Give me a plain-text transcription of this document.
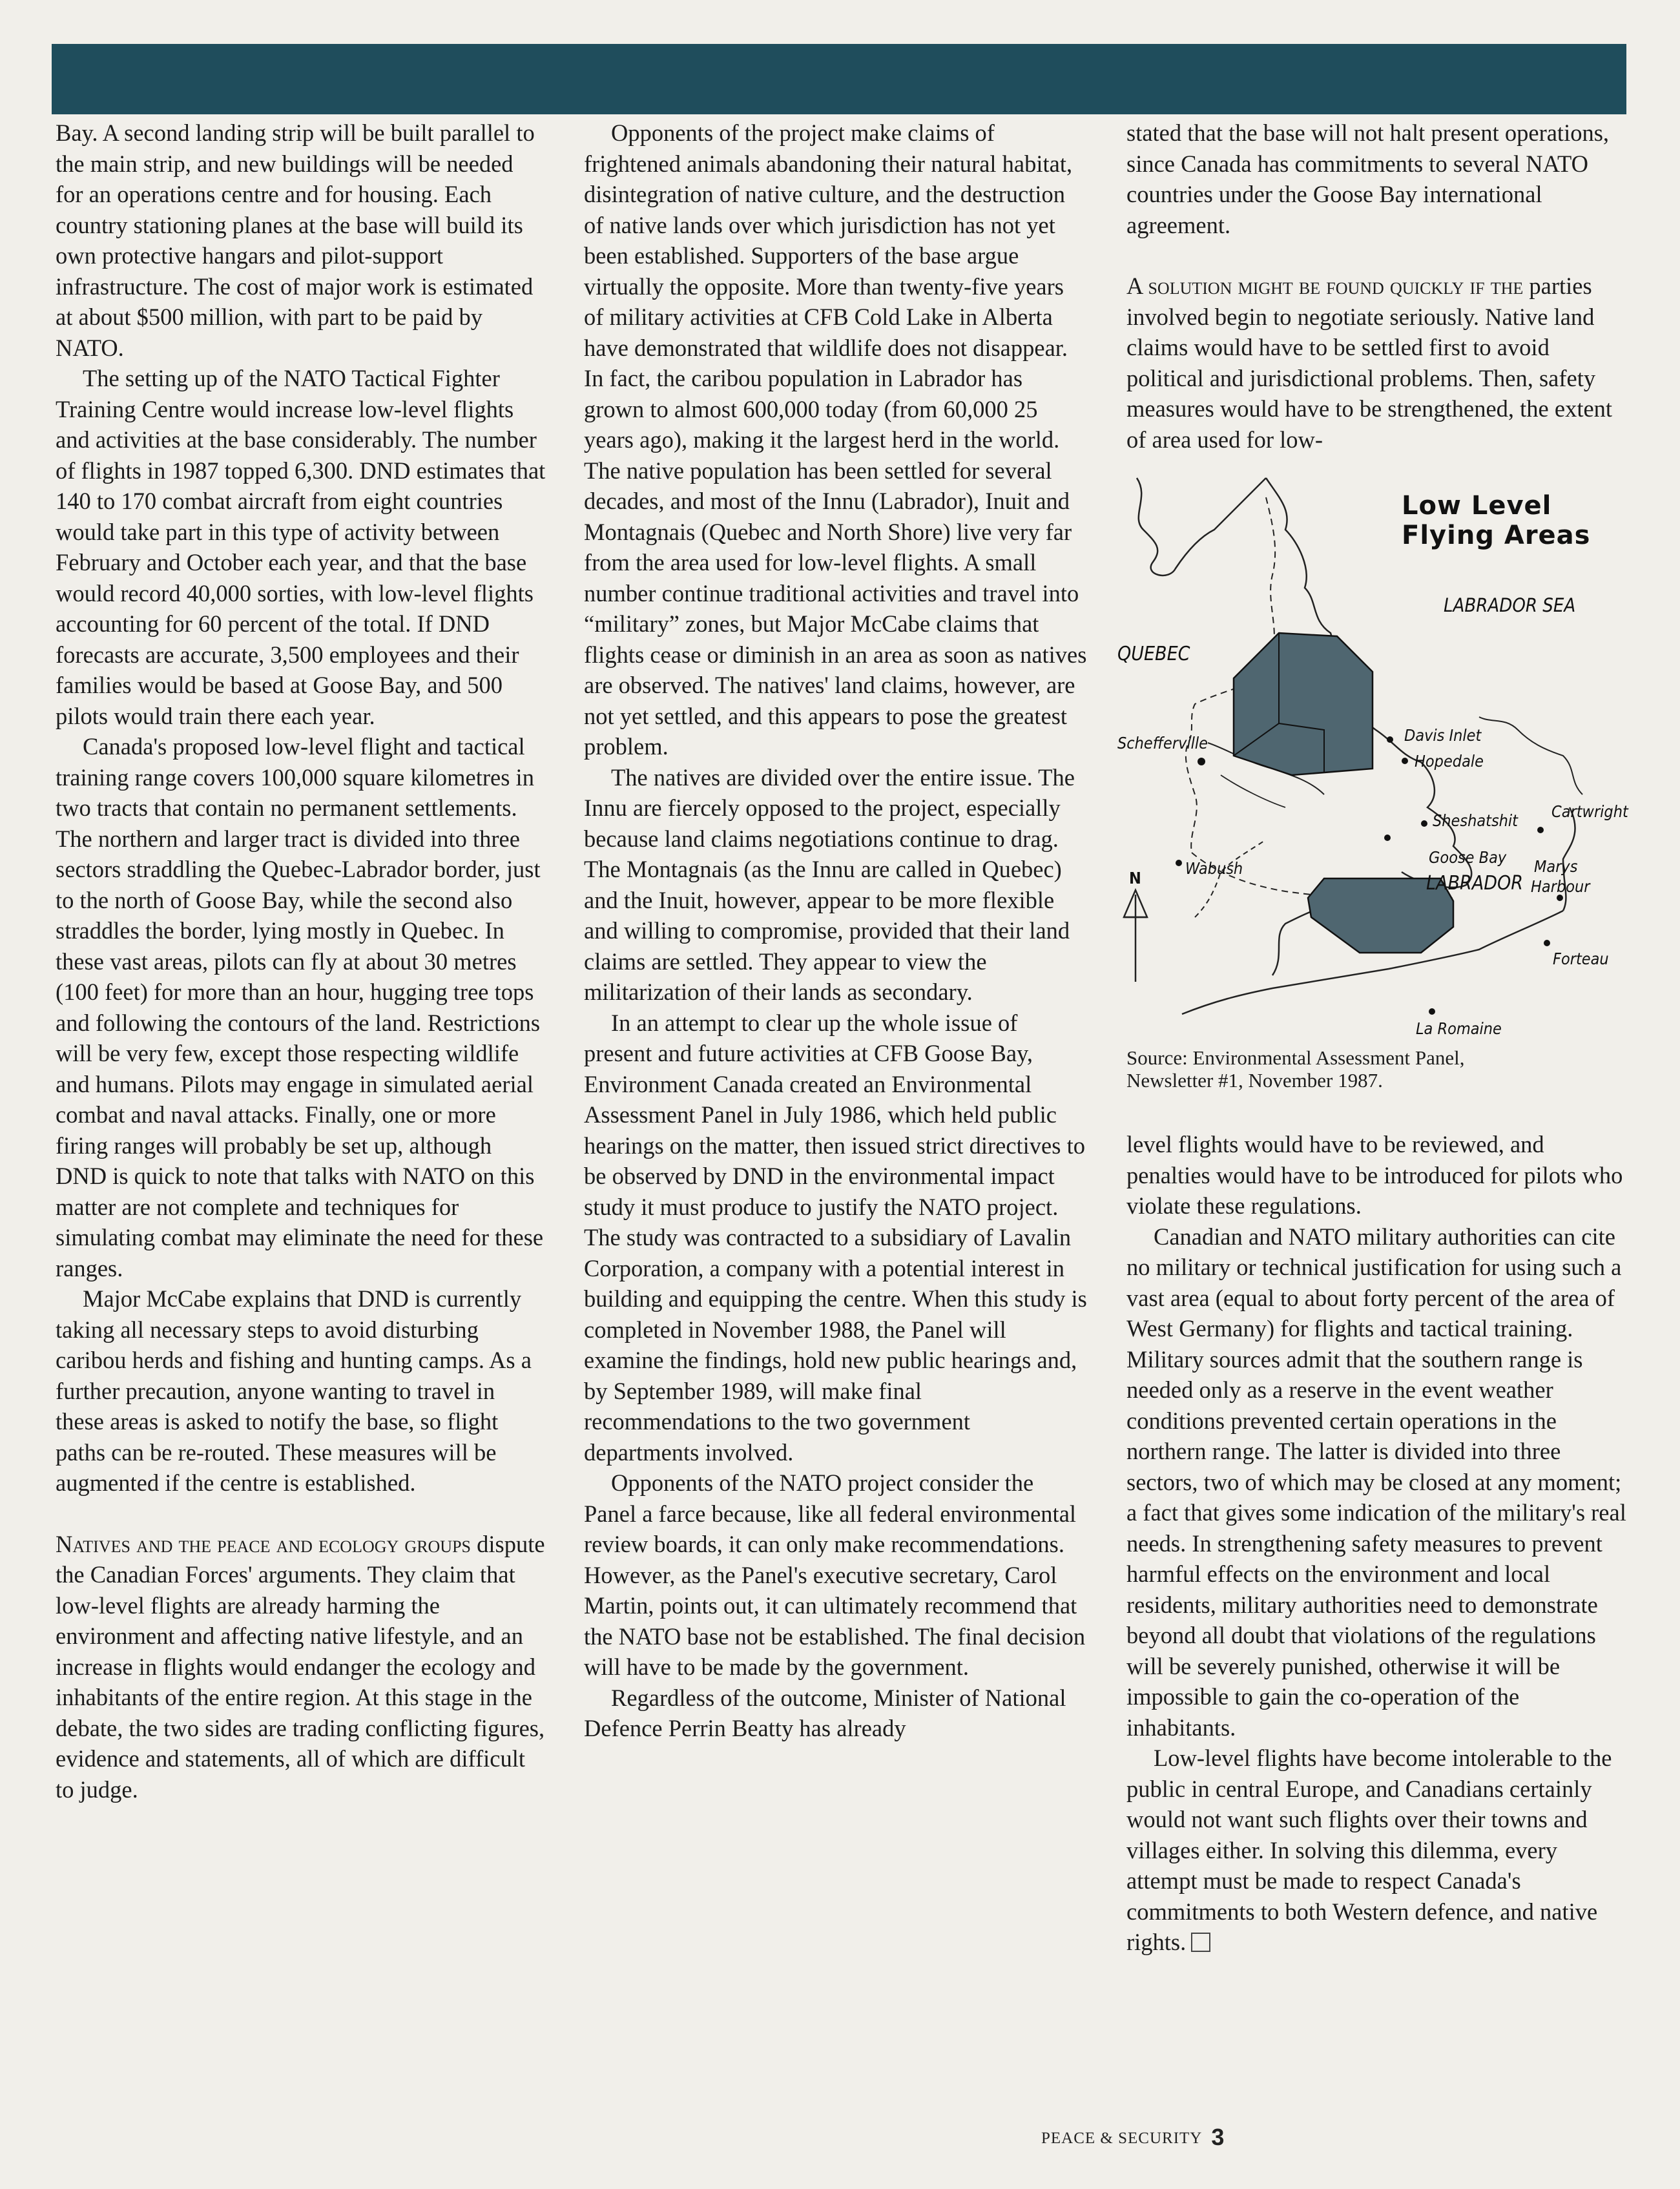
Bay. A second landing strip will be built parallel to the main strip, and new buildings will be needed for an operations centre and for housing. Each country stationing planes at the base will build its own protective hangars and pilot-support infrastructure. The cost of major work is estimated at about $500 million, with part to be paid by NATO.

The setting up of the NATO Tactical Fighter Training Centre would increase low-level flights and activities at the base considerably. The number of flights in 1987 topped 6,300. DND estimates that 140 to 170 combat aircraft from eight countries would take part in this type of activity between February and October each year, and that the base would record 40,000 sorties, with low-level flights accounting for 60 percent of the total. If DND forecasts are accurate, 3,500 employees and their families would be based at Goose Bay, and 500 pilots would train there each year.

Canada's proposed low-level flight and tactical training range covers 100,000 square kilometres in two tracts that contain no permanent settlements. The northern and larger tract is divided into three sectors straddling the Quebec-Labrador border, just to the north of Goose Bay, while the second also straddles the border, lying mostly in Quebec. In these vast areas, pilots can fly at about 30 metres (100 feet) for more than an hour, hugging tree tops and following the contours of the land. Restrictions will be very few, except those respecting wildlife and humans. Pilots may engage in simulated aerial combat and naval attacks. Finally, one or more firing ranges will probably be set up, although DND is quick to note that talks with NATO on this matter are not complete and techniques for simulating combat may eliminate the need for these ranges.

Major McCabe explains that DND is currently taking all necessary steps to avoid disturbing caribou herds and fishing and hunting camps. As a further precaution, anyone wanting to travel in these areas is asked to notify the base, so flight paths can be re-routed. These measures will be augmented if the centre is established.

Natives and the peace and ecology groups dispute the Canadian Forces' arguments. They claim that low-level flights are already harming the environment and affecting native lifestyle, and an increase in flights would endanger the ecology and inhabitants of the entire region. At this stage in the debate, the two sides are trading conflicting figures, evidence and statements, all of which are difficult to judge.

Opponents of the project make claims of frightened animals abandoning their natural habitat, disintegration of native culture, and the destruction of native lands over which jurisdiction has not yet been established. Supporters of the base argue virtually the opposite. More than twenty-five years of military activities at CFB Cold Lake in Alberta have demonstrated that wildlife does not disappear. In fact, the caribou population in Labrador has grown to almost 600,000 today (from 60,000 25 years ago), making it the largest herd in the world. The native population has been settled for several decades, and most of the Innu (Labrador), Inuit and Montagnais (Quebec and North Shore) live very far from the area used for low-level flights. A small number continue traditional activities and travel into “military” zones, but Major McCabe claims that flights cease or diminish in an area as soon as natives are observed. The natives' land claims, however, are not yet settled, and this appears to pose the greatest problem.

The natives are divided over the entire issue. The Innu are fiercely opposed to the project, especially because land claims negotiations continue to drag. The Montagnais (as the Innu are called in Quebec) and the Inuit, however, appear to be more flexible and willing to compromise, provided that their land claims are settled. They appear to view the militarization of their lands as secondary.

In an attempt to clear up the whole issue of present and future activities at CFB Goose Bay, Environment Canada created an Environmental Assessment Panel in July 1986, which held public hearings on the matter, then issued strict directives to be observed by DND in the environmental impact study it must produce to justify the NATO project. The study was contracted to a subsidiary of Lavalin Corporation, a company with a potential interest in building and equipping the centre. When this study is completed in November 1988, the Panel will examine the findings, hold new public hearings and, by September 1989, will make final recommendations to the two government departments involved.

Opponents of the NATO project consider the Panel a farce because, like all federal environmental review boards, it can only make recommendations. However, as the Panel's executive secretary, Carol Martin, points out, it can ultimately recommend that the NATO base not be established. The final decision will have to be made by the government.

Regardless of the outcome, Minister of National Defence Perrin Beatty has already

stated that the base will not halt present operations, since Canada has commitments to several NATO countries under the Goose Bay international agreement.

A solution might be found quickly if the parties involved begin to negotiate seriously. Native land claims would have to be settled first to avoid political and jurisdictional problems. Then, safety measures would have to be strengthened, the extent of area used for low-

Low Level
Flying Areas
LABRADOR SEA
QUEBEC
Davis Inlet
Hopedale
Schefferville
Sheshatshit Cartwright
Goose Bay Marys
Harbour
Wabush
LABRADOR
N
Forteau
La Romaine
Source: Environmental Assessment Panel,
Newsletter #1, November 1987.

level flights would have to be reviewed, and penalties would have to be introduced for pilots who violate these regulations.

Canadian and NATO military authorities can cite no military or technical justification for using such a vast area (equal to about forty percent of the area of West Germany) for flights and tactical training. Military sources admit that the southern range is needed only as a reserve in the event weather conditions prevented certain operations in the northern range. The latter is divided into three sectors, two of which may be closed at any moment; a fact that gives some indication of the military's real needs. In strengthening safety measures to prevent harmful effects on the environment and local residents, military authorities need to demonstrate beyond all doubt that violations of the regulations will be severely punished, otherwise it will be impossible to gain the co-operation of the inhabitants.

Low-level flights have become intolerable to the public in central Europe, and Canadians certainly would not want such flights over their towns and villages either. In solving this dilemma, every attempt must be made to respect Canada's commitments to both Western defence, and native rights.

PEACE & SECURITY 3
